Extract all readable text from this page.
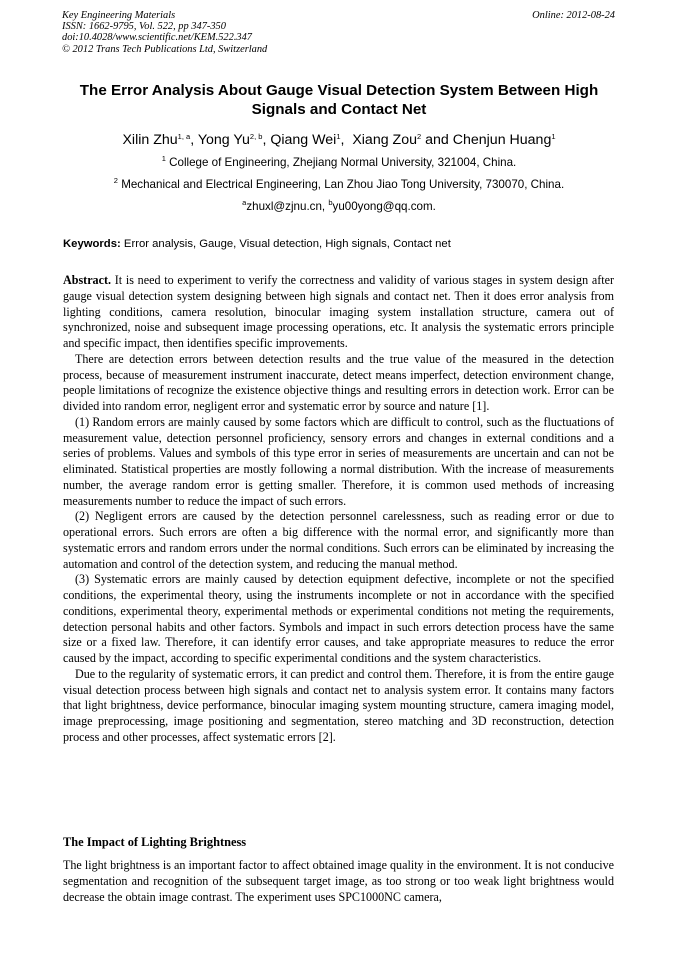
Key Engineering Materials
ISSN: 1662-9795, Vol. 522, pp 347-350
doi:10.4028/www.scientific.net/KEM.522.347
© 2012 Trans Tech Publications Ltd, Switzerland
Online: 2012-08-24
The Error Analysis About Gauge Visual Detection System Between High Signals and Contact Net
Xilin Zhu$^{1, a}$, Yong Yu$^{2, b}$, Qiang Wei$^1$,  Xiang Zou$^2$ and Chenjun Huang$^1$
$^1$ College of Engineering, Zhejiang Normal University, 321004, China.
$^2$ Mechanical and Electrical Engineering, Lan Zhou Jiao Tong University, 730070, China.
$^a$zhuxl@zjnu.cn, $^b$yu00yong@qq.com.
Keywords: Error analysis, Gauge, Visual detection, High signals, Contact net

Abstract. It is need to experiment to verify the correctness and validity of various stages in system design after gauge visual detection system designing between high signals and contact net. Then it does error analysis from lighting conditions, camera resolution, binocular imaging system installation structure, camera out of synchronized, noise and subsequent image processing operations, etc. It analysis the systematic errors principle and specific impact, then identifies specific improvements.

There are detection errors between detection results and the true value of the measured in the detection process, because of measurement instrument inaccurate, detect means imperfect, detection environment change, people limitations of recognize the existence objective things and resulting errors in detection work. Error can be divided into random error, negligent error and systematic error by source and nature [1].

(1) Random errors are mainly caused by some factors which are difficult to control, such as the fluctuations of measurement value, detection personnel proficiency, sensory errors and changes in external conditions and a series of problems. Values and symbols of this type error in series of measurements are uncertain and can not be eliminated. Statistical properties are mostly following a normal distribution. With the increase of measurements number, the average random error is getting smaller. Therefore, it is common used methods of increasing measurements number to reduce the impact of such errors.

(2) Negligent errors are caused by the detection personnel carelessness, such as reading error or due to operational errors. Such errors are often a big difference with the normal error, and significantly more than systematic errors and random errors under the normal conditions. Such errors can be eliminated by increasing the automation and control of the detection system, and reducing the manual method.

(3) Systematic errors are mainly caused by detection equipment defective, incomplete or not the specified conditions, the experimental theory, using the instruments incomplete or not in accordance with the specified conditions, experimental theory, experimental methods or experimental conditions not meting the requirements, detection personal habits and other factors. Symbols and impact in such errors detection process have the same size or a fixed law. Therefore, it can identify error causes, and take appropriate measures to reduce the error caused by the impact, according to specific experimental conditions and the system characteristics.

Due to the regularity of systematic errors, it can predict and control them. Therefore, it is from the entire gauge visual detection process between high signals and contact net to analysis system error. It contains many factors that light brightness, device performance, binocular imaging system mounting structure, camera imaging model, image preprocessing, image positioning and segmentation, stereo matching and 3D reconstruction, detection process and other processes, affect systematic errors [2].

The Impact of Lighting Brightness

The light brightness is an important factor to affect obtained image quality in the environment. It is not conducive segmentation and recognition of the subsequent target image, as too strong or too weak light brightness would decrease the obtain image contrast. The experiment uses SPC1000NC camera,
